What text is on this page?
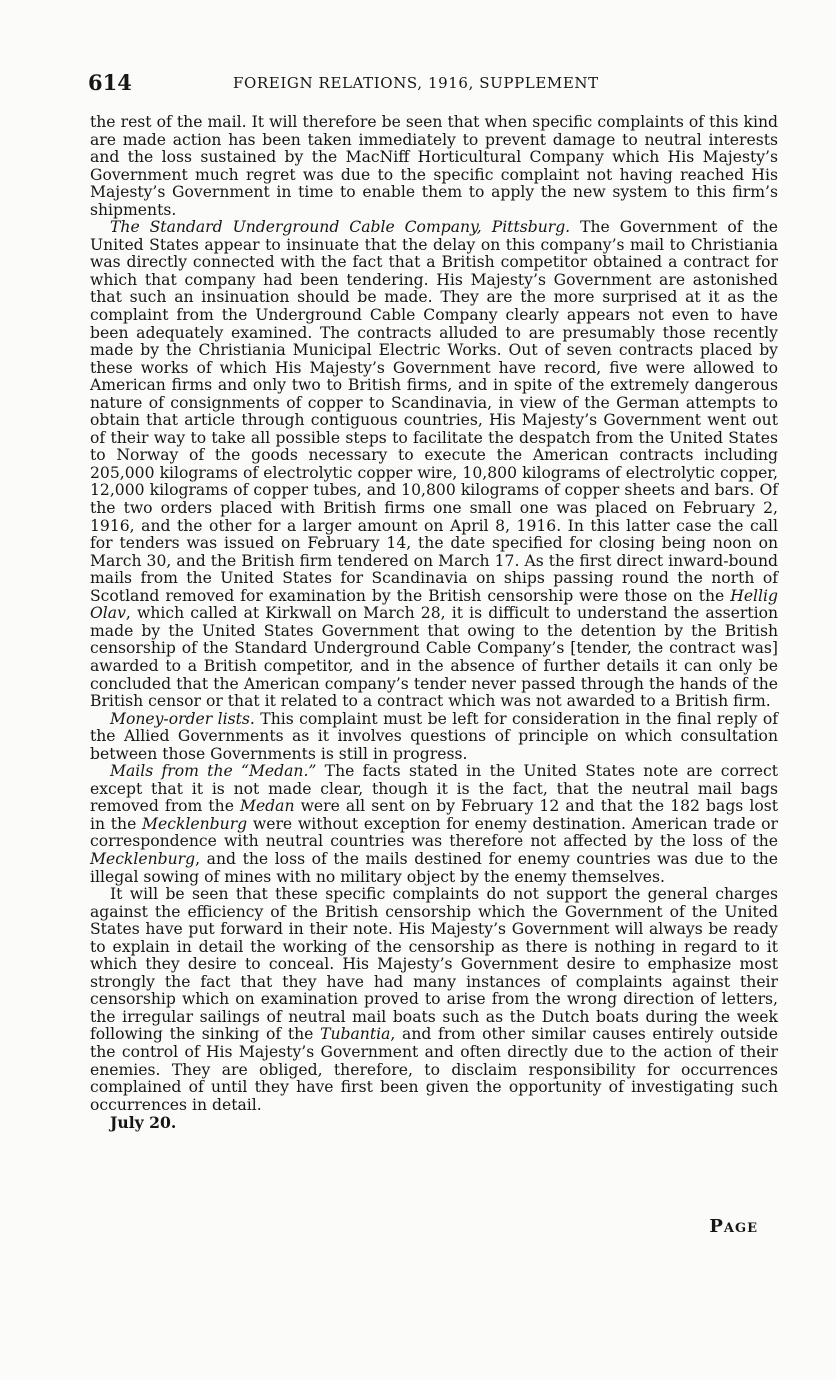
614	FOREIGN RELATIONS, 1916, SUPPLEMENT

the rest of the mail. It will therefore be seen that when specific complaints of this kind are made action has been taken immediately to prevent damage to neutral interests and the loss sustained by the MacNiff Horticultural Company which His Majesty’s Government much regret was due to the specific complaint not having reached His Majesty’s Government in time to enable them to apply the new system to this firm’s shipments.

The Standard Underground Cable Company, Pittsburg. The Government of the United States appear to insinuate that the delay on this company’s mail to Christiania was directly connected with the fact that a British competitor obtained a contract for which that company had been tendering. His Majesty’s Government are astonished that such an insinuation should be made. They are the more surprised at it as the complaint from the Underground Cable Company clearly appears not even to have been adequately examined. The contracts alluded to are presumably those recently made by the Christiania Municipal Electric Works. Out of seven contracts placed by these works of which His Majesty’s Government have record, five were allowed to American firms and only two to British firms, and in spite of the extremely dangerous nature of consignments of copper to Scandinavia, in view of the German attempts to obtain that article through contiguous countries, His Majesty’s Government went out of their way to take all possible steps to facilitate the despatch from the United States to Norway of the goods necessary to execute the American contracts including 205,000 kilograms of electrolytic copper wire, 10,800 kilograms of electrolytic copper, 12,000 kilograms of copper tubes, and 10,800 kilograms of copper sheets and bars. Of the two orders placed with British firms one small one was placed on February 2, 1916, and the other for a larger amount on April 8, 1916. In this latter case the call for tenders was issued on February 14, the date specified for closing being noon on March 30, and the British firm tendered on March 17. As the first direct inward-bound mails from the United States for Scandinavia on ships passing round the north of Scotland removed for examination by the British censorship were those on the Hellig Olav, which called at Kirkwall on March 28, it is difficult to understand the assertion made by the United States Government that owing to the detention by the British censorship of the Standard Underground Cable Company’s [tender, the contract was] awarded to a British competitor, and in the absence of further details it can only be concluded that the American company’s tender never passed through the hands of the British censor or that it related to a contract which was not awarded to a British firm.

Money-order lists. This complaint must be left for consideration in the final reply of the Allied Governments as it involves questions of principle on which consultation between those Governments is still in progress.

Mails from the “Medan.” The facts stated in the United States note are correct except that it is not made clear, though it is the fact, that the neutral mail bags removed from the Medan were all sent on by February 12 and that the 182 bags lost in the Mecklenburg were without exception for enemy destination. American trade or correspondence with neutral countries was therefore not affected by the loss of the Mecklenburg, and the loss of the mails destined for enemy countries was due to the illegal sowing of mines with no military object by the enemy themselves.

It will be seen that these specific complaints do not support the general charges against the efficiency of the British censorship which the Government of the United States have put forward in their note. His Majesty’s Government will always be ready to explain in detail the working of the censorship as there is nothing in regard to it which they desire to conceal. His Majesty’s Government desire to emphasize most strongly the fact that they have had many instances of complaints against their censorship which on examination proved to arise from the wrong direction of letters, the irregular sailings of neutral mail boats such as the Dutch boats during the week following the sinking of the Tubantia, and from other similar causes entirely outside the control of His Majesty’s Government and often directly due to the action of their enemies. They are obliged, therefore, to disclaim responsibility for occurrences complained of until they have first been given the opportunity of investigating such occurrences in detail.

July 20.

Page
